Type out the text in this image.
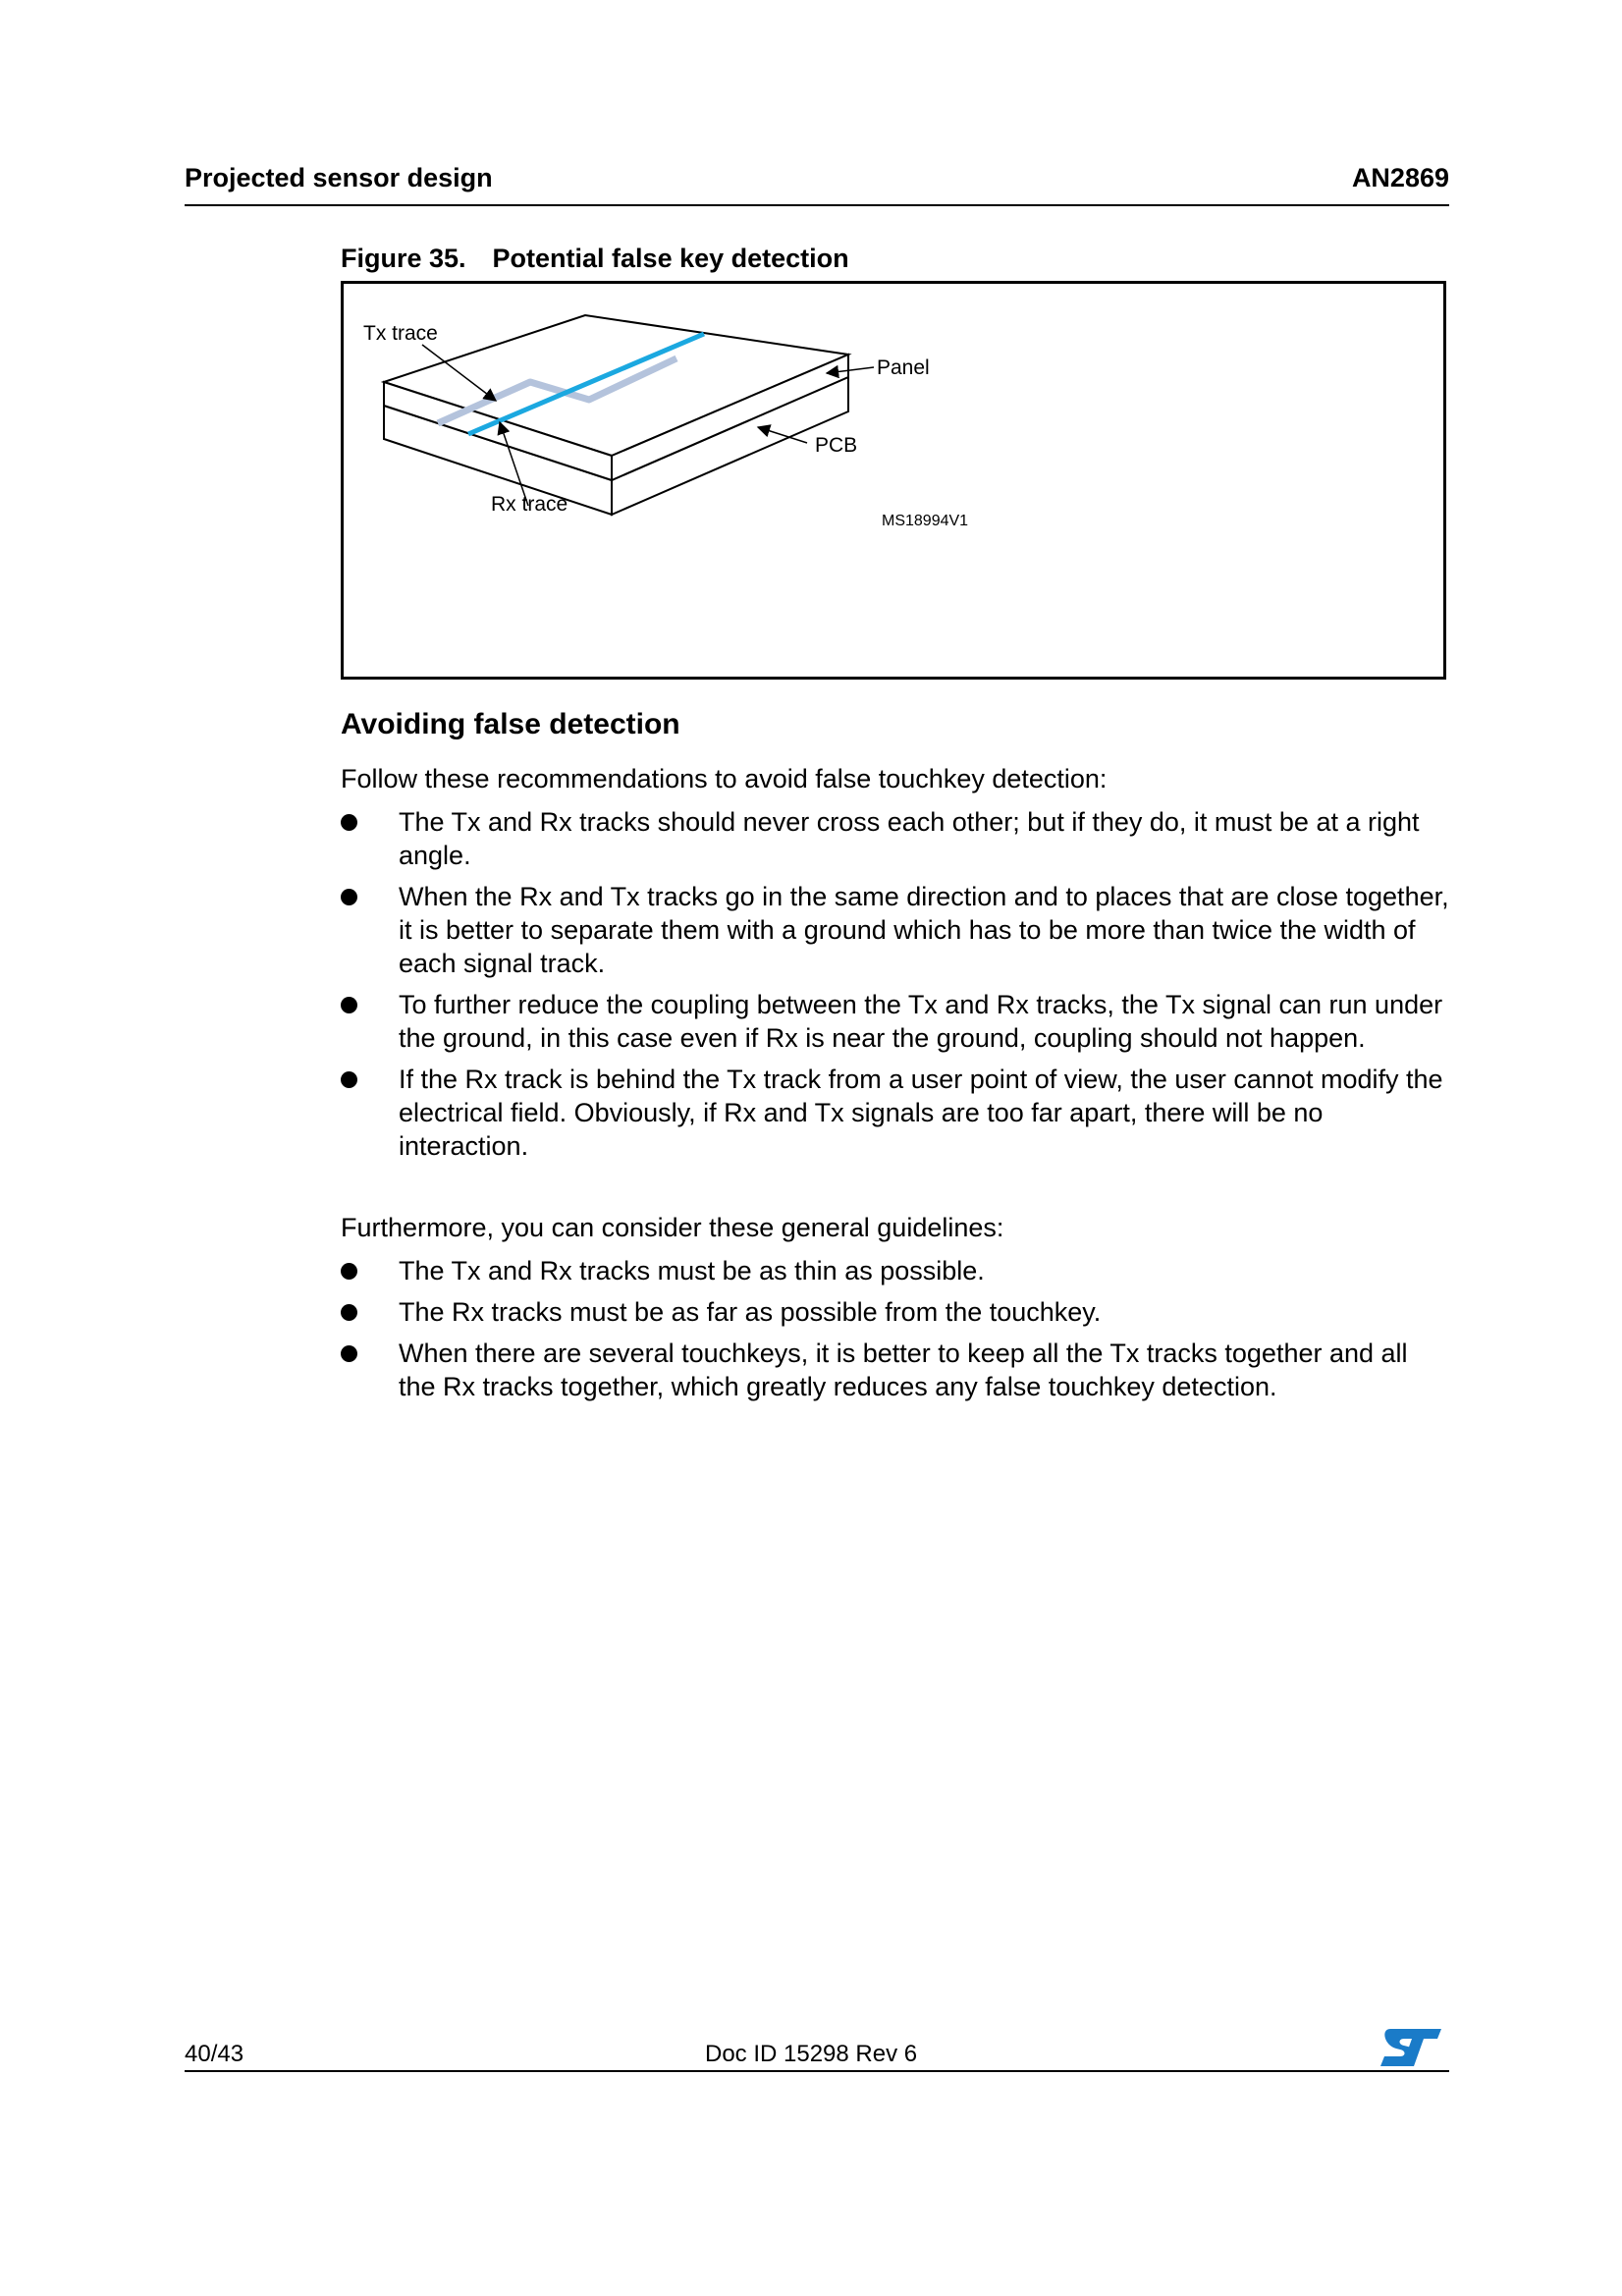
Projected sensor design	AN2869
Figure 35. Potential false key detection
Tx trace
Rx trace
Panel
PCB
MS18994V1
Avoiding false detection
Follow these recommendations to avoid false touchkey detection:
The Tx and Rx tracks should never cross each other; but if they do, it must be at a right angle.
When the Rx and Tx tracks go in the same direction and to places that are close together, it is better to separate them with a ground which has to be more than twice the width of each signal track.
To further reduce the coupling between the Tx and Rx tracks, the Tx signal can run under the ground, in this case even if Rx is near the ground, coupling should not happen.
If the Rx track is behind the Tx track from a user point of view, the user cannot modify the electrical field. Obviously, if Rx and Tx signals are too far apart, there will be no interaction.
Furthermore, you can consider these general guidelines:
The Tx and Rx tracks must be as thin as possible.
The Rx tracks must be as far as possible from the touchkey.
When there are several touchkeys, it is better to keep all the Tx tracks together and all the Rx tracks together, which greatly reduces any false touchkey detection.
40/43	Doc ID 15298 Rev 6
